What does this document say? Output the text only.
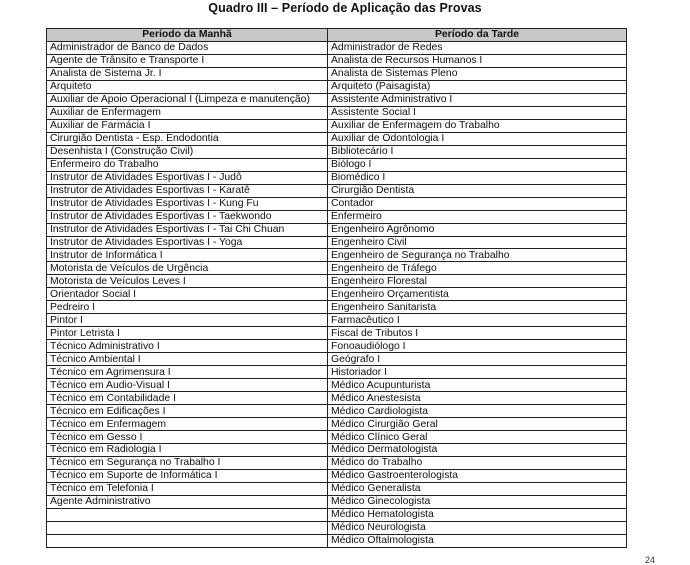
Quadro III – Período de Aplicação das Provas
Período da Manhã	Período da Tarde
Administrador de Banco de Dados	Administrador de Redes
Agente de Trânsito e Transporte I	Analista de Recursos Humanos I
Analista de Sistema Jr. I	Analista de Sistemas Pleno
Arquiteto	Arquiteto (Paisagista)
Auxiliar de Apoio Operacional I (Limpeza e manutenção)	Assistente Administrativo I
Auxiliar de Enfermagem	Assistente Social I
Auxiliar de Farmácia I	Auxiliar de Enfermagem do Trabalho
Cirurgião Dentista - Esp. Endodontia	Auxiliar de Odontologia I
Desenhista I (Construção Civil)	Bibliotecário I
Enfermeiro do Trabalho	Biólogo I
Instrutor de Atividades Esportivas I - Judô	Biomédico I
Instrutor de Atividades Esportivas I - Karatê	Cirurgião Dentista
Instrutor de Atividades Esportivas I - Kung Fu	Contador
Instrutor de Atividades Esportivas I - Taekwondo	Enfermeiro
Instrutor de Atividades Esportivas I - Tai Chi Chuan	Engenheiro Agrônomo
Instrutor de Atividades Esportivas I - Yoga	Engenheiro Civil
Instrutor de Informática I	Engenheiro de Segurança no Trabalho
Motorista de Veículos de Urgência	Engenheiro de Tráfego
Motorista de Veículos Leves I	Engenheiro Florestal
Orientador Social I	Engenheiro Orçamentista
Pedreiro I	Engenheiro Sanitarista
Pintor I	Farmacêutico I
Pintor Letrista I	Fiscal de Tributos I
Técnico Administrativo I	Fonoaudiólogo I
Técnico Ambiental I	Geógrafo I
Técnico em Agrimensura I	Historiador I
Técnico em Audio-Visual I	Médico Acupunturista
Técnico em Contabilidade I	Médico Anestesista
Técnico em Edificações I	Médico Cardiologista
Técnico em Enfermagem	Médico Cirurgião Geral
Técnico em Gesso I	Médico Clínico Geral
Técnico em Radiologia I	Médico Dermatologista
Técnico em Segurança no Trabalho I	Médico do Trabalho
Técnico em Suporte de Informática I	Médico Gastroenterologista
Técnico em Telefonia I	Médico Generalista
Agente Administrativo	Médico Ginecologista
	Médico Hematologista
	Médico Neurologista
	Médico Oftalmologista
24
